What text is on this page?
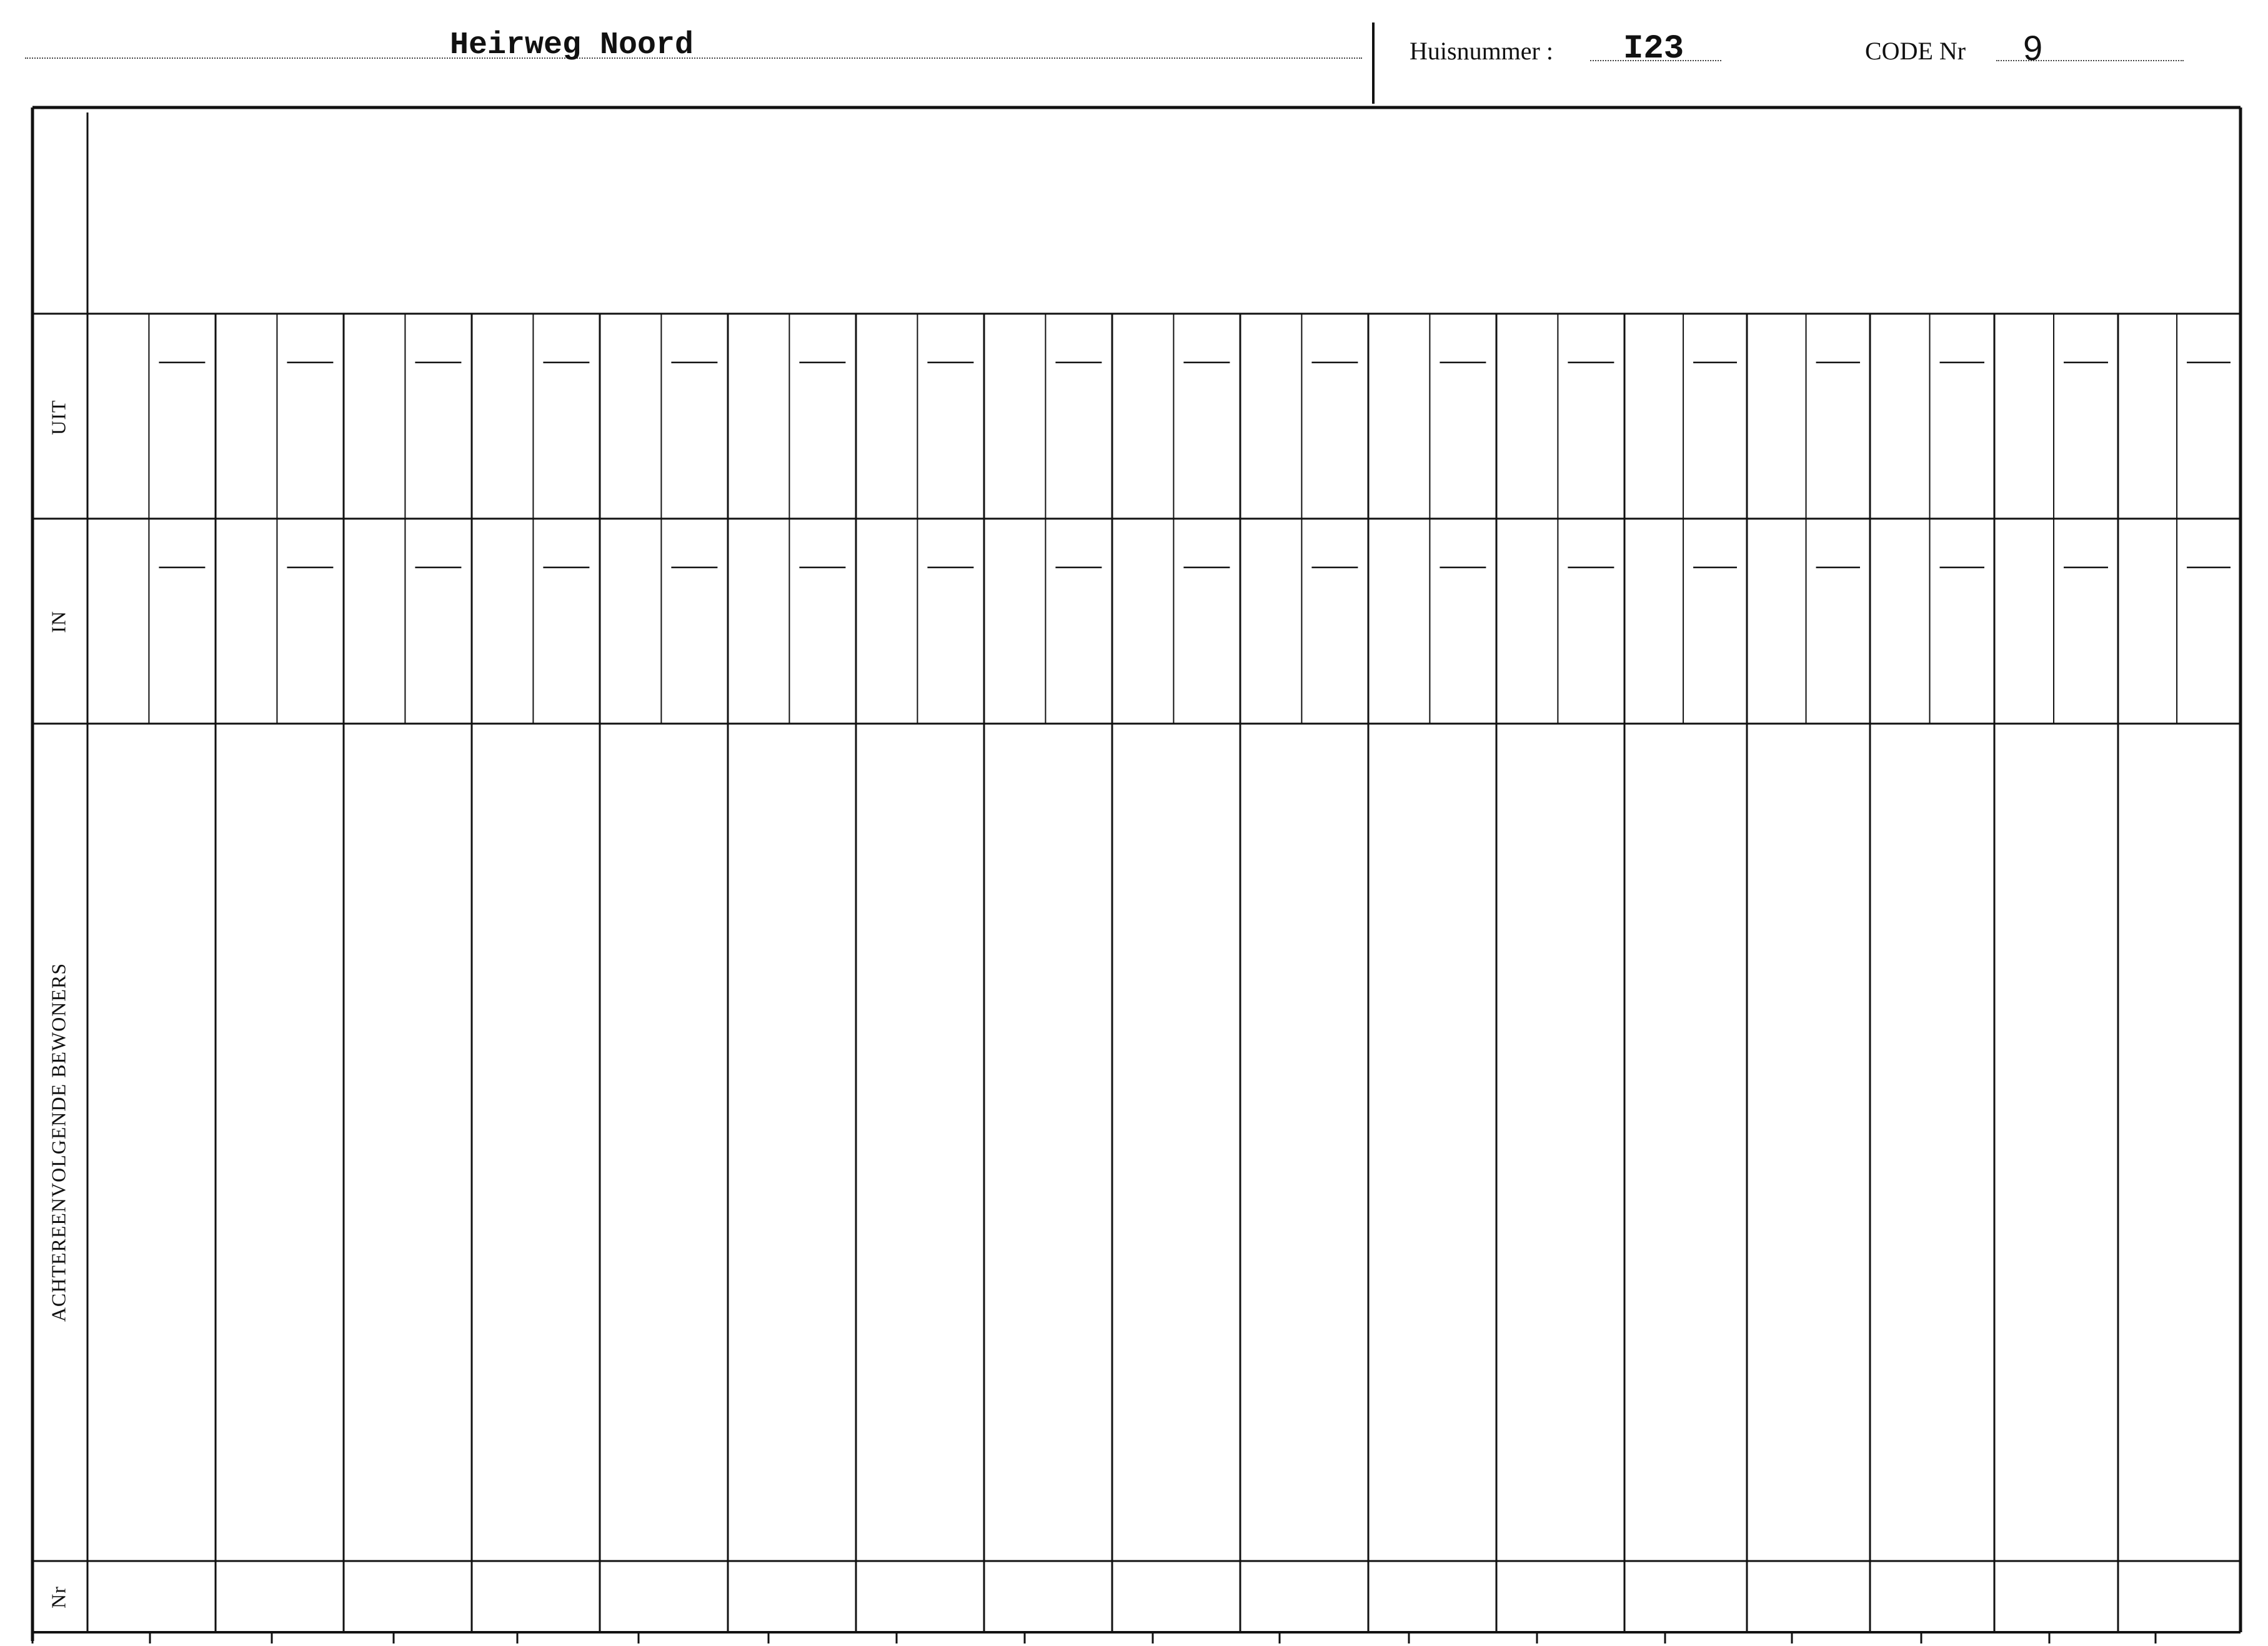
Heirweg Noord	Huisnummer : I23	CODE Nr 9
UIT
IN
ACHTEREENVOLGENDE BEWONERS
Nr
